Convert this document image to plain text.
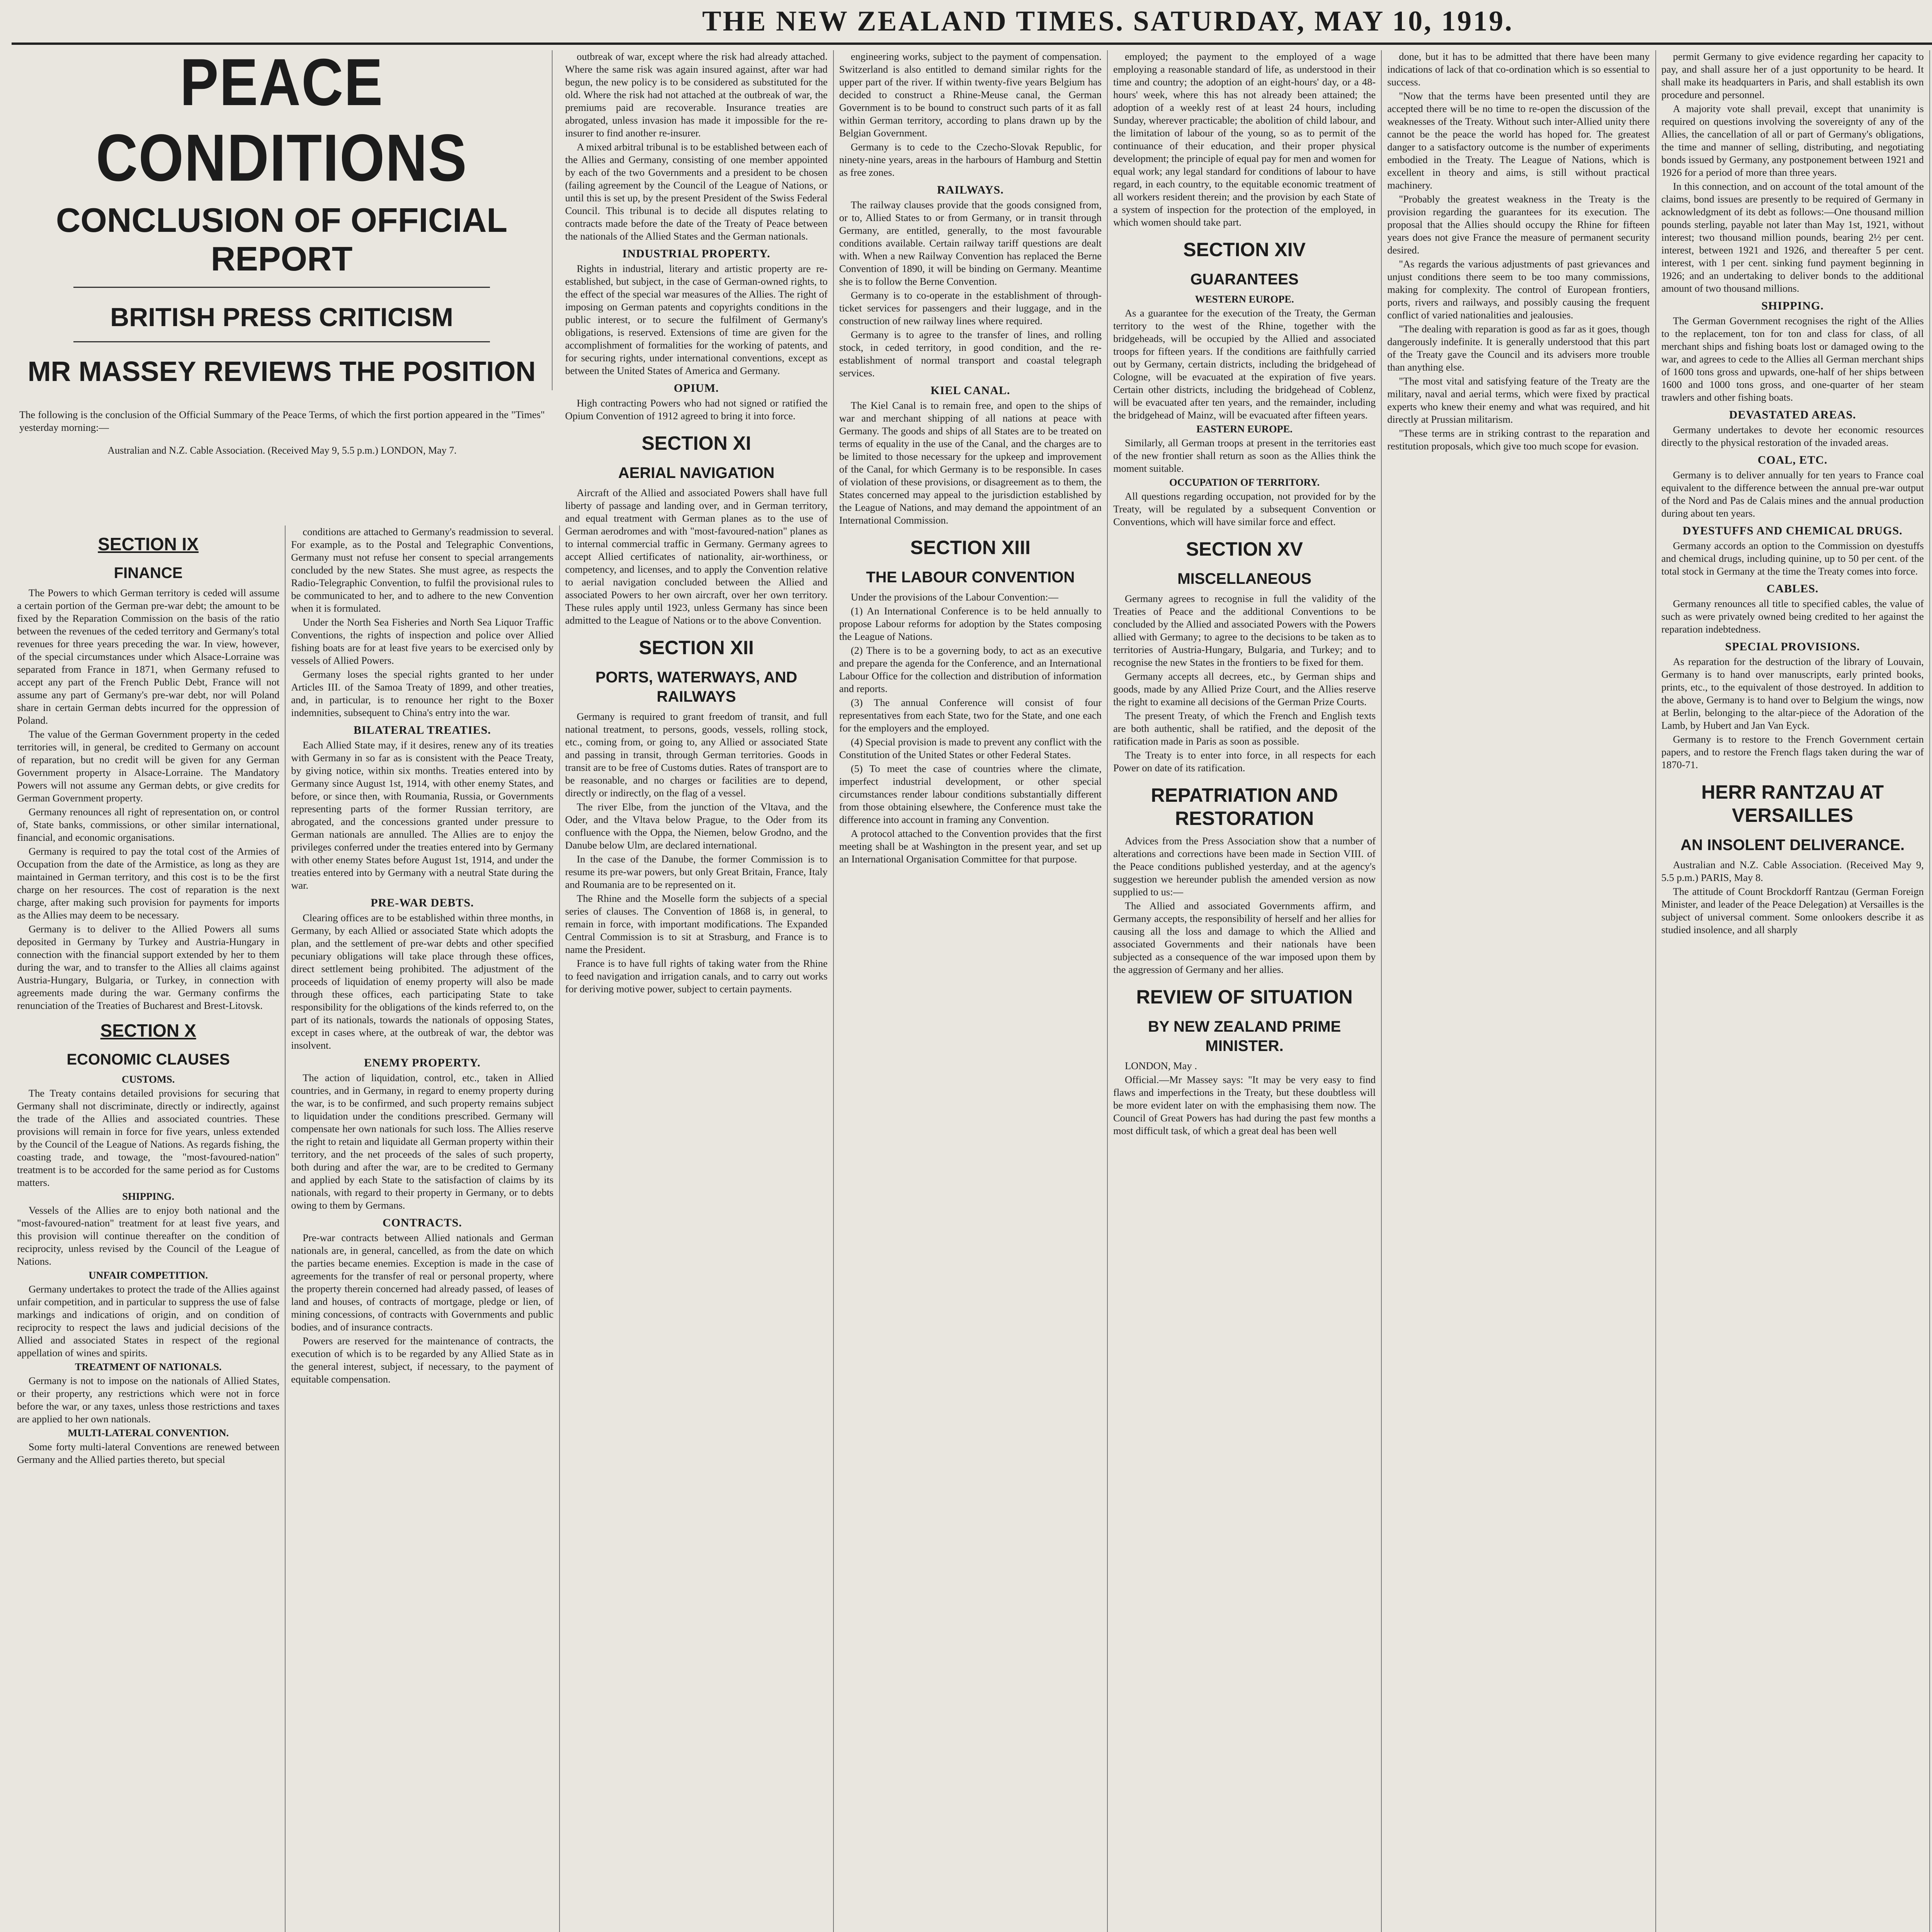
THE NEW ZEALAND TIMES. SATURDAY, MAY 10, 1919.
PEACE CONDITIONS
CONCLUSION OF OFFICIAL REPORT
BRITISH PRESS CRITICISM
MR MASSEY REVIEWS THE POSITION

The following is the conclusion of the Official Summary of the Peace Terms, of which the first portion appeared in the "Times" yesterday morning:—

Australian and N.Z. Cable Association. (Received May 9, 5.5 p.m.) LONDON, May 7.
SECTION IX
FINANCE

The Powers to which German territory is ceded will assume a certain portion of the German pre-war debt; the amount to be fixed by the Reparation Commission on the basis of the ratio between the revenues of the ceded territory and Germany's total revenues for three years preceding the war. In view, however, of the special circumstances under which Alsace-Lorraine was separated from France in 1871, when Germany refused to accept any part of the French Public Debt, France will not assume any part of Germany's pre-war debt, nor will Poland share in certain German debts incurred for the oppression of Poland.

The value of the German Government property in the ceded territories will, in general, be credited to Germany on account of reparation, but no credit will be given for any German Government property in Alsace-Lorraine. The Mandatory Powers will not assume any German debts, or give credits for German Government property.

Germany renounces all right of representation on, or control of, State banks, commissions, or other similar international, financial, and economic organisations.

Germany is required to pay the total cost of the Armies of Occupation from the date of the Armistice, as long as they are maintained in German territory, and this cost is to be the first charge on her resources. The cost of reparation is the next charge, after making such provision for payments for imports as the Allies may deem to be necessary.

Germany is to deliver to the Allied Powers all sums deposited in Germany by Turkey and Austria-Hungary in connection with the financial support extended by her to them during the war, and to transfer to the Allies all claims against Austria-Hungary, Bulgaria, or Turkey, in connection with agreements made during the war. Germany confirms the renunciation of the Treaties of Bucharest and Brest-Litovsk.

SECTION X
ECONOMIC CLAUSES

CUSTOMS.

The Treaty contains detailed provisions for securing that Germany shall not discriminate, directly or indirectly, against the trade of the Allies and associated countries. These provisions will remain in force for five years, unless extended by the Council of the League of Nations. As regards fishing, the coasting trade, and towage, the "most-favoured-nation" treatment is to be accorded for the same period as for Customs matters.

SHIPPING.

Vessels of the Allies are to enjoy both national and the "most-favoured-nation" treatment for at least five years, and this provision will continue thereafter on the condition of reciprocity, unless revised by the Council of the League of Nations.

UNFAIR COMPETITION.

Germany undertakes to protect the trade of the Allies against unfair competition, and in particular to suppress the use of false markings and indications of origin, and on condition of reciprocity to respect the laws and judicial decisions of the Allied and associated States in respect of the regional appellation of wines and spirits.

TREATMENT OF NATIONALS.

Germany is not to impose on the nationals of Allied States, or their property, any restrictions which were not in force before the war, or any taxes, unless those restrictions and taxes are applied to her own nationals.

MULTI-LATERAL CONVENTION.

Some forty multi-lateral Conventions are renewed between Germany and the Allied parties thereto, but special

conditions are attached to Germany's readmission to several. For example, as to the Postal and Telegraphic Conventions, Germany must not refuse her consent to special arrangements concluded by the new States. She must agree, as respects the Radio-Telegraphic Convention, to fulfil the provisional rules to be communicated to her, and to adhere to the new Convention when it is formulated.

Under the North Sea Fisheries and North Sea Liquor Traffic Conventions, the rights of inspection and police over Allied fishing boats are for at least five years to be exercised only by vessels of Allied Powers.

Germany loses the special rights granted to her under Articles III. of the Samoa Treaty of 1899, and other treaties, and, in particular, is to renounce her right to the Boxer indemnities, subsequent to China's entry into the war.

BILATERAL TREATIES.

Each Allied State may, if it desires, renew any of its treaties with Germany in so far as is consistent with the Peace Treaty, by giving notice, within six months. Treaties entered into by Germany since August 1st, 1914, with other enemy States, and before, or since then, with Roumania, Russia, or Governments representing parts of the former Russian territory, are abrogated, and the concessions granted under pressure to German nationals are annulled. The Allies are to enjoy the privileges conferred under the treaties entered into by Germany with other enemy States before August 1st, 1914, and under the treaties entered into by Germany with a neutral State during the war.

PRE-WAR DEBTS.

Clearing offices are to be established within three months, in Germany, by each Allied or associated State which adopts the plan, and the settlement of pre-war debts and other specified pecuniary obligations will take place through these offices, direct settlement being prohibited. The adjustment of the proceeds of liquidation of enemy property will also be made through these offices, each participating State to take responsibility for the obligations of the kinds referred to, on the part of its nationals, towards the nationals of opposing States, except in cases where, at the outbreak of war, the debtor was insolvent.

ENEMY PROPERTY.

The action of liquidation, control, etc., taken in Allied countries, and in Germany, in regard to enemy property during the war, is to be confirmed, and such property remains subject to liquidation under the conditions prescribed. Germany will compensate her own nationals for such loss. The Allies reserve the right to retain and liquidate all German property within their territory, and the net proceeds of the sales of such property, both during and after the war, are to be credited to Germany and applied by each State to the satisfaction of claims by its nationals, with regard to their property in Germany, or to debts owing to them by Germans.

CONTRACTS.

Pre-war contracts between Allied nationals and German nationals are, in general, cancelled, as from the date on which the parties became enemies. Exception is made in the case of agreements for the transfer of real or personal property, where the property therein concerned had already passed, of leases of land and houses, of contracts of mortgage, pledge or lien, of mining concessions, of contracts with Governments and public bodies, and of insurance contracts.

Powers are reserved for the maintenance of contracts, the execution of which is to be regarded by any Allied State as in the general interest, subject, if necessary, to the payment of equitable compensation.

outbreak of war, except where the risk had already attached. Where the same risk was again insured against, after war had begun, the new policy is to be considered as substituted for the old. Where the risk had not attached at the outbreak of war, the premiums paid are recoverable. Insurance treaties are abrogated, unless invasion has made it impossible for the re-insurer to find another re-insurer.

A mixed arbitral tribunal is to be established between each of the Allies and Germany, consisting of one member appointed by each of the two Governments and a president to be chosen (failing agreement by the Council of the League of Nations, or until this is set up, by the present President of the Swiss Federal Council. This tribunal is to decide all disputes relating to contracts made before the date of the Treaty of Peace between the nationals of the Allied States and the German nationals.

INDUSTRIAL PROPERTY.

Rights in industrial, literary and artistic property are re-established, but subject, in the case of German-owned rights, to the effect of the special war measures of the Allies. The right of imposing on German patents and copyrights conditions in the public interest, or to secure the fulfilment of Germany's obligations, is reserved. Extensions of time are given for the accomplishment of formalities for the working of patents, and for securing rights, under international conventions, except as between the United States of America and Germany.

OPIUM.

High contracting Powers who had not signed or ratified the Opium Convention of 1912 agreed to bring it into force.

SECTION XI
AERIAL NAVIGATION

Aircraft of the Allied and associated Powers shall have full liberty of passage and landing over, and in German territory, and equal treatment with German planes as to the use of German aerodromes and with "most-favoured-nation" planes as to internal commercial traffic in Germany. Germany agrees to accept Allied certificates of nationality, air-worthiness, or competency, and licenses, and to apply the Convention relative to aerial navigation concluded between the Allied and associated Powers to her own aircraft, over her own territory. These rules apply until 1923, unless Germany has since been admitted to the League of Nations or to the above Convention.

SECTION XII
PORTS, WATERWAYS, AND RAILWAYS

Germany is required to grant freedom of transit, and full national treatment, to persons, goods, vessels, rolling stock, etc., coming from, or going to, any Allied or associated State and passing in transit, through German territories. Goods in transit are to be free of Customs duties. Rates of transport are to be reasonable, and no charges or facilities are to depend, directly or indirectly, on the flag of a vessel.

The river Elbe, from the junction of the Vltava, and the Oder, and the Vltava below Prague, to the Oder from its confluence with the Oppa, the Niemen, below Grodno, and the Danube below Ulm, are declared international.

In the case of the Danube, the former Commission is to resume its pre-war powers, but only Great Britain, France, Italy and Roumania are to be represented on it.

The Rhine and the Moselle form the subjects of a special series of clauses. The Convention of 1868 is, in general, to remain in force, with important modifications. The Expanded Central Commission is to sit at Strasburg, and France is to name the President.

France is to have full rights of taking water from the Rhine to feed navigation and irrigation canals, and to carry out works for deriving motive power, subject to certain payments.

engineering works, subject to the payment of compensation. Switzerland is also entitled to demand similar rights for the upper part of the river. If within twenty-five years Belgium has decided to construct a Rhine-Meuse canal, the German Government is to be bound to construct such parts of it as fall within German territory, according to plans drawn up by the Belgian Government.

Germany is to cede to the Czecho-Slovak Republic, for ninety-nine years, areas in the harbours of Hamburg and Stettin as free zones.

RAILWAYS.

The railway clauses provide that the goods consigned from, or to, Allied States to or from Germany, or in transit through Germany, are entitled, generally, to the most favourable conditions available. Certain railway tariff questions are dealt with. When a new Railway Convention has replaced the Berne Convention of 1890, it will be binding on Germany. Meantime she is to follow the Berne Convention.

Germany is to co-operate in the establishment of through-ticket services for passengers and their luggage, and in the construction of new railway lines where required.

Germany is to agree to the transfer of lines, and rolling stock, in ceded territory, in good condition, and the re-establishment of normal transport and coastal telegraph services.

KIEL CANAL.

The Kiel Canal is to remain free, and open to the ships of war and merchant shipping of all nations at peace with Germany. The goods and ships of all States are to be treated on terms of equality in the use of the Canal, and the charges are to be limited to those necessary for the upkeep and improvement of the Canal, for which Germany is to be responsible. In cases of violation of these provisions, or disagreement as to them, the States concerned may appeal to the jurisdiction established by the League of Nations, and may demand the appointment of an International Commission.

SECTION XIII
THE LABOUR CONVENTION

Under the provisions of the Labour Convention:—

(1) An International Conference is to be held annually to propose Labour reforms for adoption by the States composing the League of Nations.

(2) There is to be a governing body, to act as an executive and prepare the agenda for the Conference, and an International Labour Office for the collection and distribution of information and reports.

(3) The annual Conference will consist of four representatives from each State, two for the State, and one each for the employers and the employed.

(4) Special provision is made to prevent any conflict with the Constitution of the United States or other Federal States.

(5) To meet the case of countries where the climate, imperfect industrial development, or other special circumstances render labour conditions substantially different from those obtaining elsewhere, the Conference must take the difference into account in framing any Convention.

A protocol attached to the Convention provides that the first meeting shall be at Washington in the present year, and set up an International Organisation Committee for that purpose.

employed; the payment to the employed of a wage employing a reasonable standard of life, as understood in their time and country; the adoption of an eight-hours' day, or a 48-hours' week, where this has not already been attained; the adoption of a weekly rest of at least 24 hours, including Sunday, wherever practicable; the abolition of child labour, and the limitation of labour of the young, so as to permit of the continuance of their education, and their proper physical development; the principle of equal pay for men and women for equal work; any legal standard for conditions of labour to have regard, in each country, to the equitable economic treatment of all workers resident therein; and the provision by each State of a system of inspection for the protection of the employed, in which women should take part.

SECTION XIV
GUARANTEES

WESTERN EUROPE.

As a guarantee for the execution of the Treaty, the German territory to the west of the Rhine, together with the bridgeheads, will be occupied by the Allied and associated troops for fifteen years. If the conditions are faithfully carried out by Germany, certain districts, including the bridgehead of Cologne, will be evacuated at the expiration of five years. Certain other districts, including the bridgehead of Coblenz, will be evacuated after ten years, and the remainder, including the bridgehead of Mainz, will be evacuated after fifteen years.

EASTERN EUROPE.

Similarly, all German troops at present in the territories east of the new frontier shall return as soon as the Allies think the moment suitable.

OCCUPATION OF TERRITORY.

All questions regarding occupation, not provided for by the Treaty, will be regulated by a subsequent Convention or Conventions, which will have similar force and effect.

SECTION XV
MISCELLANEOUS

Germany agrees to recognise in full the validity of the Treaties of Peace and the additional Conventions to be concluded by the Allied and associated Powers with the Powers allied with Germany; to agree to the decisions to be taken as to territories of Austria-Hungary, Bulgaria, and Turkey; and to recognise the new States in the frontiers to be fixed for them.

Germany accepts all decrees, etc., by German ships and goods, made by any Allied Prize Court, and the Allies reserve the right to examine all decisions of the German Prize Courts.

The present Treaty, of which the French and English texts are both authentic, shall be ratified, and the deposit of the ratification made in Paris as soon as possible.

The Treaty is to enter into force, in all respects for each Power on date of its ratification.

REPATRIATION AND RESTORATION

Advices from the Press Association show that a number of alterations and corrections have been made in Section VIII. of the Peace conditions published yesterday, and at the agency's suggestion we hereunder publish the amended version as now supplied to us:—

The Allied and associated Governments affirm, and Germany accepts, the responsibility of herself and her allies for causing all the loss and damage to which the Allied and associated Governments and their nationals have been subjected as a consequence of the war imposed upon them by the aggression of Germany and her allies.

REVIEW OF SITUATION
BY NEW ZEALAND PRIME MINISTER.

LONDON, May .

Official.—Mr Massey says: "It may be very easy to find flaws and imperfections in the Treaty, but these doubtless will be more evident later on with the emphasising them now. The Council of Great Powers has had during the past few months a most difficult task, of which a great deal has been well

done, but it has to be admitted that there have been many indications of lack of that co-ordination which is so essential to success.

"Now that the terms have been presented until they are accepted there will be no time to re-open the discussion of the weaknesses of the Treaty. Without such inter-Allied unity there cannot be the peace the world has hoped for. The greatest danger to a satisfactory outcome is the number of experiments embodied in the Treaty. The League of Nations, which is excellent in theory and aims, is still without practical machinery.

"Probably the greatest weakness in the Treaty is the provision regarding the guarantees for its execution. The proposal that the Allies should occupy the Rhine for fifteen years does not give France the measure of permanent security desired.

"As regards the various adjustments of past grievances and unjust conditions there seem to be too many commissions, making for complexity. The control of European frontiers, ports, rivers and railways, and possibly causing the frequent conflict of varied nationalities and jealousies.

"The dealing with reparation is good as far as it goes, though dangerously indefinite. It is generally understood that this part of the Treaty gave the Council and its advisers more trouble than anything else.

"The most vital and satisfying feature of the Treaty are the military, naval and aerial terms, which were fixed by practical experts who knew their enemy and what was required, and hit directly at Prussian militarism.

"These terms are in striking contrast to the reparation and restitution proposals, which give too much scope for evasion.

permit Germany to give evidence regarding her capacity to pay, and shall assure her of a just opportunity to be heard. It shall make its headquarters in Paris, and shall establish its own procedure and personnel.

A majority vote shall prevail, except that unanimity is required on questions involving the sovereignty of any of the Allies, the cancellation of all or part of Germany's obligations, the time and manner of selling, distributing, and negotiating bonds issued by Germany, any postponement between 1921 and 1926 for a period of more than three years.

In this connection, and on account of the total amount of the claims, bond issues are presently to be required of Germany in acknowledgment of its debt as follows:—One thousand million pounds sterling, payable not later than May 1st, 1921, without interest; two thousand million pounds, bearing 2½ per cent. interest, between 1921 and 1926, and thereafter 5 per cent. interest, with 1 per cent. sinking fund payment beginning in 1926; and an undertaking to deliver bonds to the additional amount of two thousand millions.

SHIPPING.

The German Government recognises the right of the Allies to the replacement, ton for ton and class for class, of all merchant ships and fishing boats lost or damaged owing to the war, and agrees to cede to the Allies all German merchant ships of 1600 tons gross and upwards, one-half of her ships between 1600 and 1000 tons gross, and one-quarter of her steam trawlers and other fishing boats.

DEVASTATED AREAS.

Germany undertakes to devote her economic resources directly to the physical restoration of the invaded areas.

COAL, ETC.

Germany is to deliver annually for ten years to France coal equivalent to the difference between the annual pre-war output of the Nord and Pas de Calais mines and the annual production during about ten years.

DYESTUFFS AND CHEMICAL DRUGS.

Germany accords an option to the Commission on dyestuffs and chemical drugs, including quinine, up to 50 per cent. of the total stock in Germany at the time the Treaty comes into force.

CABLES.

Germany renounces all title to specified cables, the value of such as were privately owned being credited to her against the reparation indebtedness.

SPECIAL PROVISIONS.

As reparation for the destruction of the library of Louvain, Germany is to hand over manuscripts, early printed books, prints, etc., to the equivalent of those destroyed. In addition to the above, Germany is to hand over to Belgium the wings, now at Berlin, belonging to the altar-piece of the Adoration of the Lamb, by Hubert and Jan Van Eyck.

Germany is to restore to the French Government certain papers, and to restore the French flags taken during the war of 1870-71.

HERR RANTZAU AT VERSAILLES
AN INSOLENT DELIVERANCE.

Australian and N.Z. Cable Association. (Received May 9, 5.5 p.m.) PARIS, May 8.

The attitude of Count Brockdorff Rantzau (German Foreign Minister, and leader of the Peace Delegation) at Versailles is the subject of universal comment. Some onlookers describe it as studied insolence, and all sharply
